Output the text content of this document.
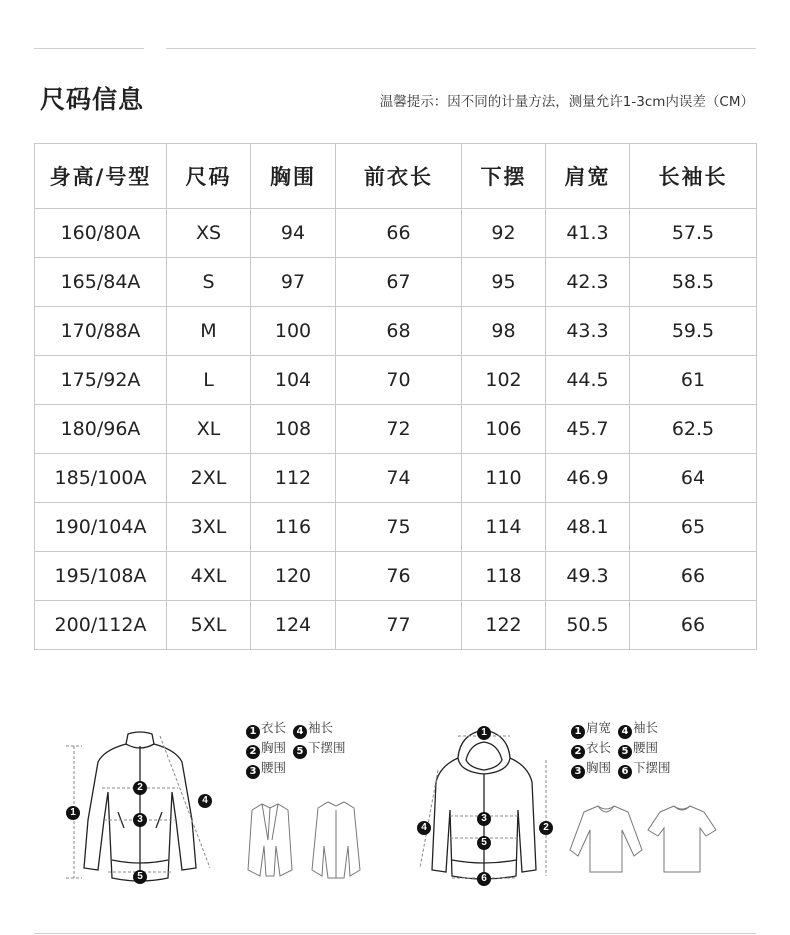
尺码信息	温馨提示：因不同的计量方法，测量允许1-3cm内误差（CM）
身高/号型	尺码	胸围	前衣长	下摆	肩宽	长袖长
160/80A	XS	94	66	92	41.3	57.5
165/84A	S	97	67	95	42.3	58.5
170/88A	M	100	68	98	43.3	59.5
175/92A	L	104	70	102	44.5	61
180/96A	XL	108	72	106	45.7	62.5
185/100A	2XL	112	74	110	46.9	64
190/104A	3XL	116	75	114	48.1	65
195/108A	4XL	120	76	118	49.3	66
200/112A	5XL	124	77	122	50.5	66
1
2
3
4
5
1
2
3
4
5
6
1 衣长 4 袖长
2 胸围 5 下摆围
3 腰围
1 肩宽 4 袖长
2 衣长 5 腰围
3 胸围 6 下摆围
